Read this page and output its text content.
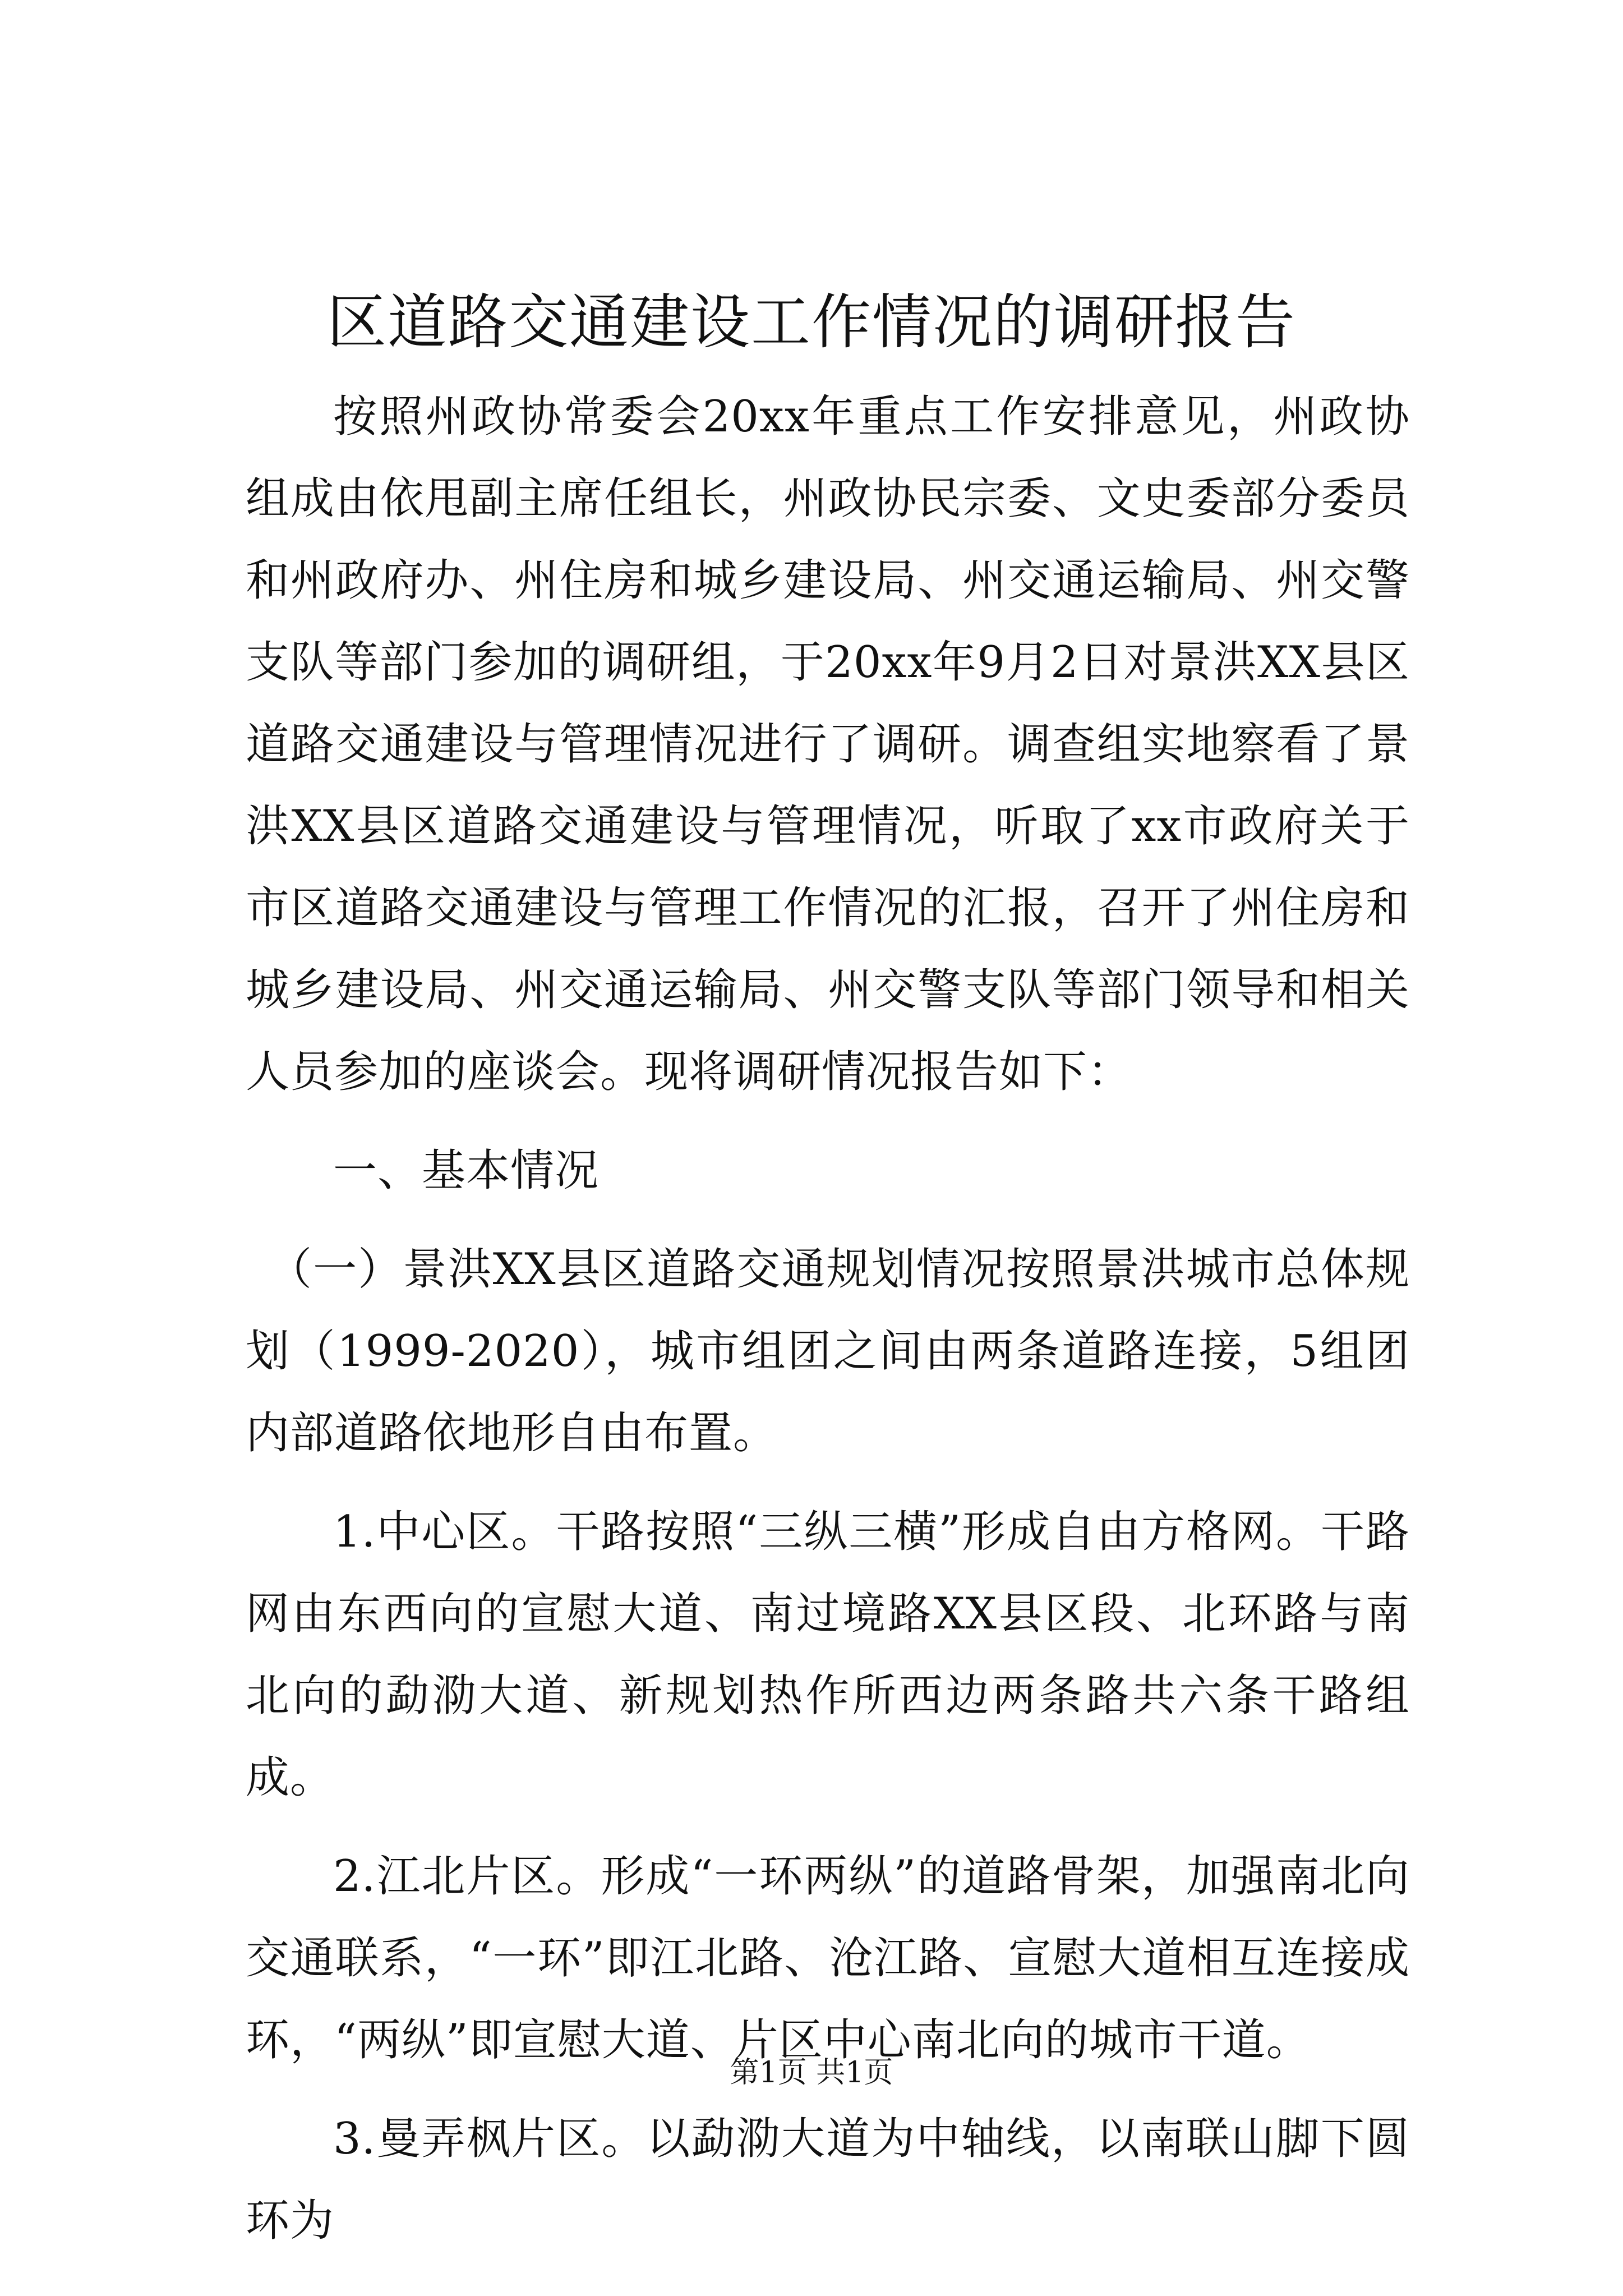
区道路交通建设工作情况的调研报告

按照州政协常委会20xx年重点工作安排意见，州政协组成由依甩副主席任组长，州政协民宗委、文史委部分委员和州政府办、州住房和城乡建设局、州交通运输局、州交警支队等部门参加的调研组，于20xx年9月2日对景洪XX县区道路交通建设与管理情况进行了调研。调查组实地察看了景洪XX县区道路交通建设与管理情况，听取了xx市政府关于市区道路交通建设与管理工作情况的汇报，召开了州住房和城乡建设局、州交通运输局、州交警支队等部门领导和相关人员参加的座谈会。现将调研情况报告如下：

一、基本情况

（一）景洪XX县区道路交通规划情况按照景洪城市总体规划（1999-2020），城市组团之间由两条道路连接，5组团内部道路依地形自由布置。

1.中心区。干路按照“三纵三横”形成自由方格网。干路网由东西向的宣慰大道、南过境路XX县区段、北环路与南北向的勐泐大道、新规划热作所西边两条路共六条干路组成。

2.江北片区。形成“一环两纵”的道路骨架，加强南北向交通联系，“一环”即江北路、沧江路、宣慰大道相互连接成环，“两纵”即宣慰大道、片区中心南北向的城市干道。

3.曼弄枫片区。以勐泐大道为中轴线，以南联山脚下圆环为

第1页 共1页
